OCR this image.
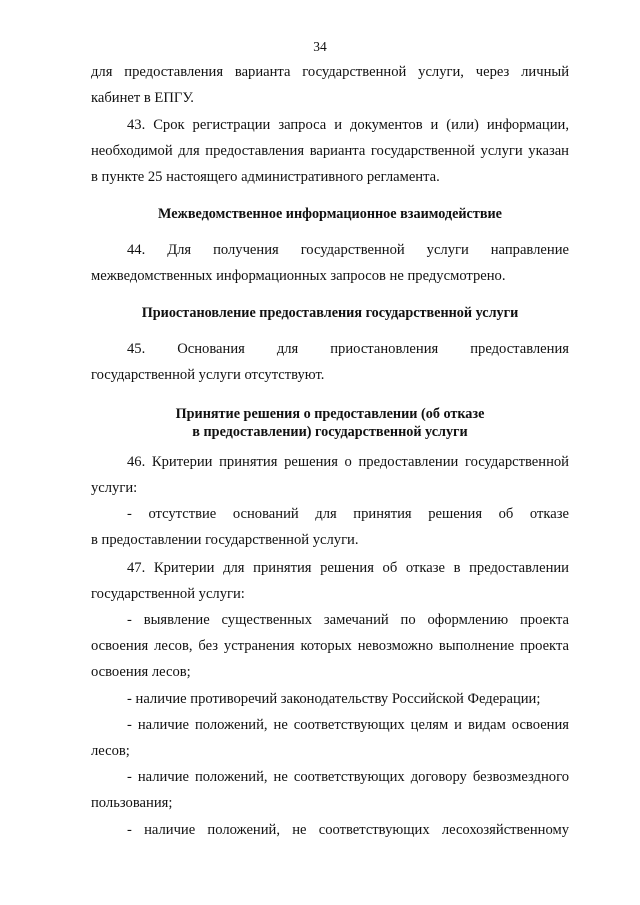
34
для предоставления варианта государственной услуги, через личный
кабинет в ЕПГУ.
43. Срок регистрации запроса и документов и (или) информации,
необходимой для предоставления варианта государственной услуги указан
в пункте 25 настоящего административного регламента.
Межведомственное информационное взаимодействие
44. Для получения государственной услуги направление
межведомственных информационных запросов не предусмотрено.
Приостановление предоставления государственной услуги
45. Основания для приостановления предоставления
государственной услуги отсутствуют.
Принятие решения о предоставлении (об отказе
в предоставлении) государственной услуги
46. Критерии принятия решения о предоставлении государственной
услуги:
- отсутствие оснований для принятия решения об отказе
в предоставлении государственной услуги.
47. Критерии для принятия решения об отказе в предоставлении
государственной услуги:
- выявление существенных замечаний по оформлению проекта
освоения лесов, без устранения которых невозможно выполнение проекта
освоения лесов;
- наличие противоречий законодательству Российской Федерации;
- наличие положений, не соответствующих целям и видам освоения
лесов;
- наличие положений, не соответствующих договору безвозмездного
пользования;
- наличие положений, не соответствующих лесохозяйственному
